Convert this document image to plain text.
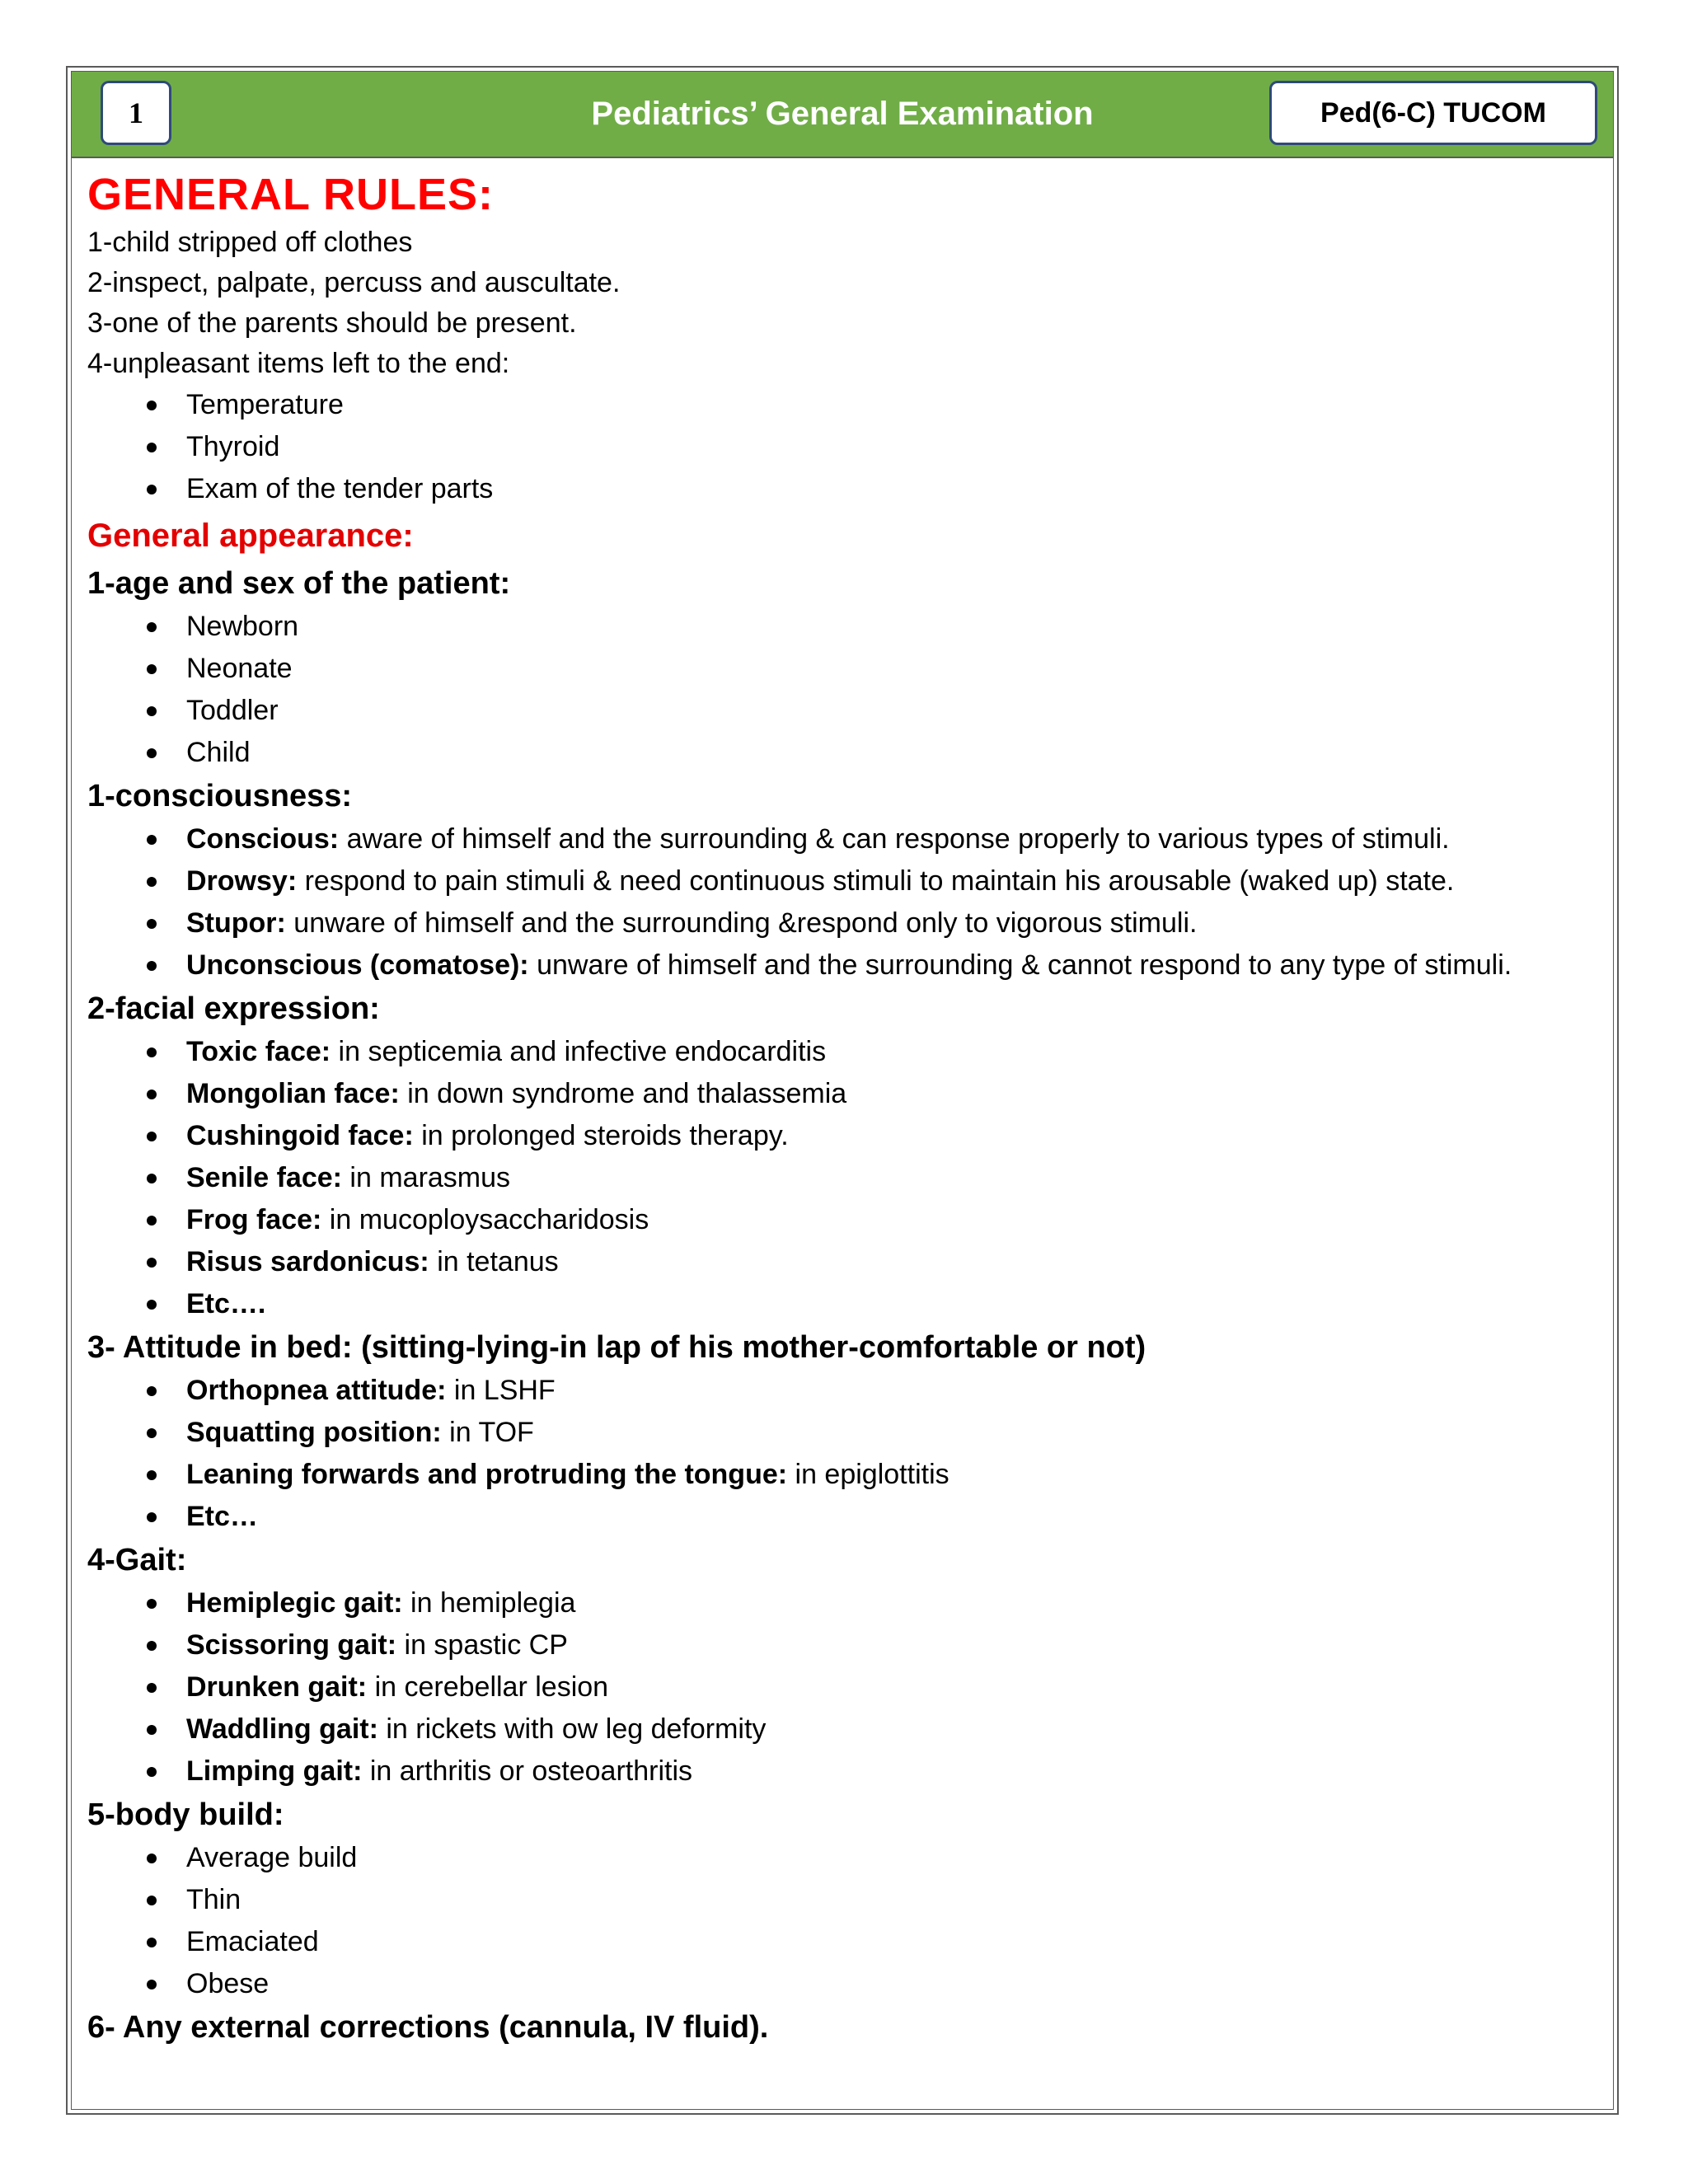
Pediatrics’ General Examination
1	Ped(6-C) TUCOM
GENERAL RULES:
1-child stripped off clothes
2-inspect, palpate, percuss and auscultate.
3-one of the parents should be present.
4-unpleasant items left to the end:
Temperature
Thyroid
Exam of the tender parts
General appearance:
1-age and sex of the patient:
Newborn
Neonate
Toddler
Child
1-consciousness:
Conscious: aware of himself and the surrounding & can response properly to various types of stimuli.
Drowsy: respond to pain stimuli & need continuous stimuli to maintain his arousable (waked up) state.
Stupor: unware of himself and the surrounding &respond only to vigorous stimuli.
Unconscious (comatose): unware of himself and the surrounding & cannot respond to any type of stimuli.
2-facial expression:
Toxic face: in septicemia and infective endocarditis
Mongolian face: in down syndrome and thalassemia
Cushingoid face: in prolonged steroids therapy.
Senile face: in marasmus
Frog face: in mucoploysaccharidosis
Risus sardonicus: in tetanus
Etc….
3- Attitude in bed: (sitting-lying-in lap of his mother-comfortable or not)
Orthopnea attitude: in LSHF
Squatting position: in TOF
Leaning forwards and protruding the tongue: in epiglottitis
Etc…
4-Gait:
Hemiplegic gait: in hemiplegia
Scissoring gait: in spastic CP
Drunken gait: in cerebellar lesion
Waddling gait: in rickets with ow leg deformity
Limping gait: in arthritis or osteoarthritis
5-body build:
Average build
Thin
Emaciated
Obese
6- Any external corrections (cannula, IV fluid).
